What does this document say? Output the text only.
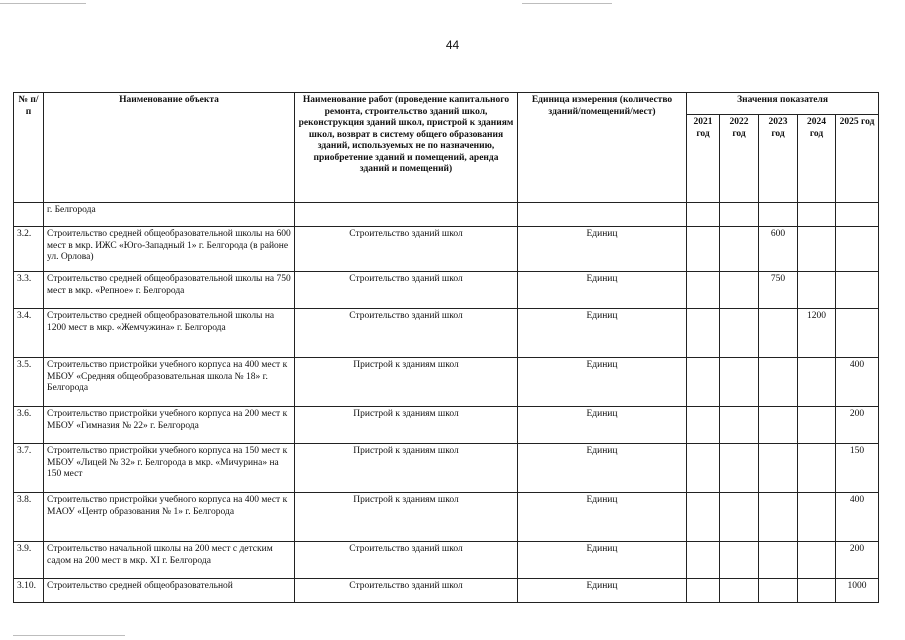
44
№ п/п	Наименование объекта	Наименование работ (проведение капитального ремонта, строительство зданий школ, реконструкция зданий школ, пристрой к зданиям школ, возврат в систему общего образования зданий, используемых не по назначению, приобретение зданий и помещений, аренда зданий и помещений)	Единица измерения (количество зданий/помещений/мест)	Значения показателя				
				2021 год	2022 год	2023 год	2024 год	2025 год
	г. Белгорода							
3.2.	Строительство средней общеобразовательной школы на 600 мест в мкр. ИЖС «Юго-Западный 1» г. Белгорода (в районе ул. Орлова)	Строительство зданий школ	Единиц			600		
3.3.	Строительство средней общеобразовательной школы на 750 мест в мкр. «Репное» г. Белгорода	Строительство зданий школ	Единиц			750		
3.4.	Строительство средней общеобразовательной школы на 1200 мест в мкр. «Жемчужина» г. Белгорода	Строительство зданий школ	Единиц				1200	
3.5.	Строительство пристройки учебного корпуса на 400 мест к МБОУ «Средняя общеобразовательная школа № 18» г. Белгорода	Пристрой к зданиям школ	Единиц					400
3.6.	Строительство пристройки учебного корпуса на 200 мест к МБОУ «Гимназия № 22» г. Белгорода	Пристрой к зданиям школ	Единиц					200
3.7.	Строительство пристройки учебного корпуса на 150 мест к МБОУ «Лицей № 32» г. Белгорода в мкр. «Мичурина» на 150 мест	Пристрой к зданиям школ	Единиц					150
3.8.	Строительство пристройки учебного корпуса на 400 мест к МАОУ «Центр образования № 1» г. Белгорода	Пристрой к зданиям школ	Единиц					400
3.9.	Строительство начальной школы на 200 мест с детским садом на 200 мест в мкр. XI г. Белгорода	Строительство зданий школ	Единиц					200
3.10.	Строительство средней общеобразовательной	Строительство зданий школ	Единиц					1000
